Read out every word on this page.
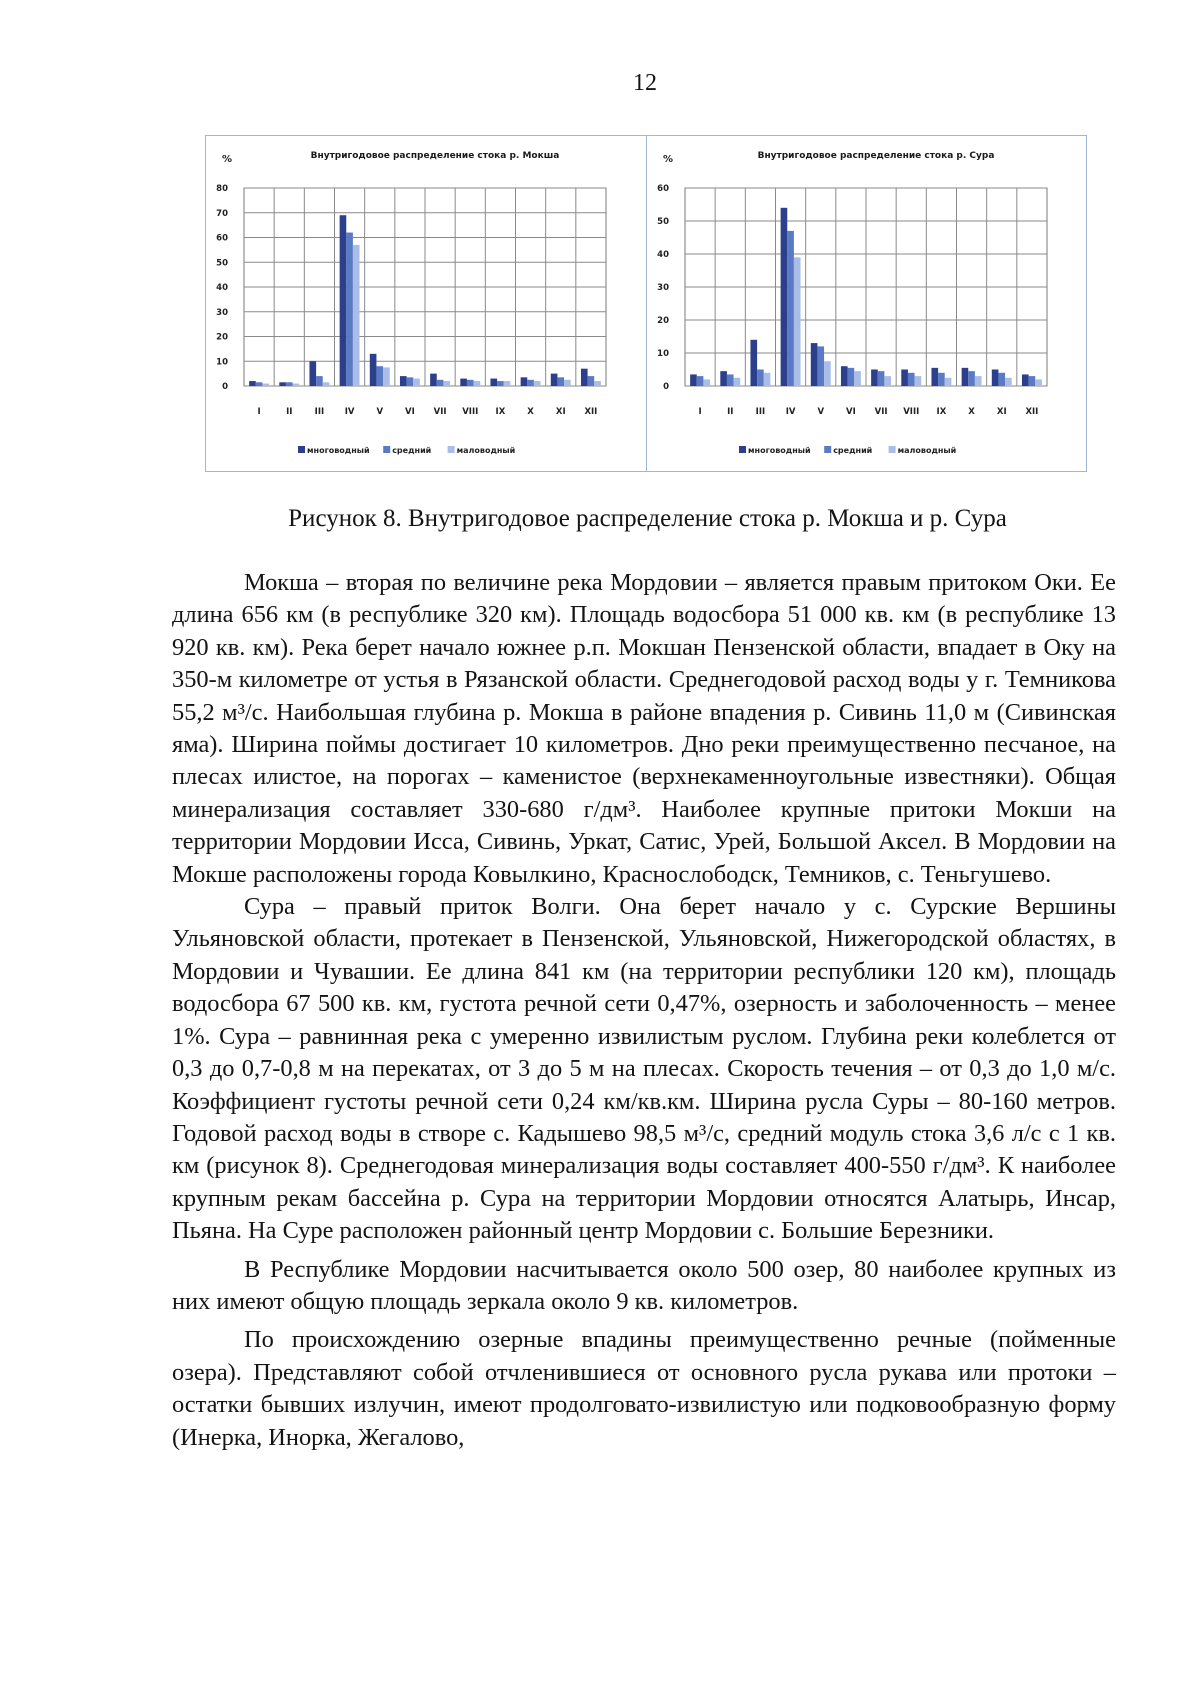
12
Внутригодовое распределение стока р. Мокша
%
0
10
20
30
40
50
60
70
80
I	II	III IV	V	VI VII VIII IX	X	XI XII
многоводный	средний	маловодный
Внутригодовое распределение стока р. Сура
%
0
10
20
30
40
50
60
I	II	III IV	V	VI VII VIII IX	X	XI XII
многоводный	средний	маловодный
Рисунок 8. Внутригодовое распределение стока р. Мокша и р. Сура

Мокша – вторая по величине река Мордовии – является правым притоком Оки. Ее длина 656 км (в республике 320 км). Площадь водосбора 51 000 кв. км (в республике 13 920 кв. км). Река берет начало южнее р.п. Мокшан Пензенской области, впадает в Оку на 350-м километре от устья в Рязанской области. Среднегодовой расход воды у г. Темникова 55,2 м³/с. Наибольшая глубина р. Мокша в районе впадения р. Сивинь 11,0 м (Сивинская яма). Ширина поймы достигает 10 километров. Дно реки преимущественно песчаное, на плесах илистое, на порогах – каменистое (верхнекаменноугольные известняки). Общая минерализация составляет 330-680 г/дм³. Наиболее крупные притоки Мокши на территории Мордовии Исса, Сивинь, Уркат, Сатис, Урей, Большой Аксел. В Мордовии на Мокше расположены города Ковылкино, Краснослободск, Темников, с. Теньгушево.

Сура – правый приток Волги. Она берет начало у с. Сурские Вершины Ульяновской области, протекает в Пензенской, Ульяновской, Нижегородской областях, в Мордовии и Чувашии. Ее длина 841 км (на территории республики 120 км), площадь водосбора 67 500 кв. км, густота речной сети 0,47%, озерность и заболоченность – менее 1%. Сура – равнинная река с умеренно извилистым руслом. Глубина реки колеблется от 0,3 до 0,7-0,8 м на перекатах, от 3 до 5 м на плесах. Скорость течения – от 0,3 до 1,0 м/с. Коэффициент густоты речной сети 0,24 км/кв.км. Ширина русла Суры – 80-160 метров. Годовой расход воды в створе с. Кадышево 98,5 м³/с, средний модуль стока 3,6 л/с с 1 кв. км (рисунок 8). Среднегодовая минерализация воды составляет 400-550 г/дм³. К наиболее крупным рекам бассейна р. Сура на территории Мордовии относятся Алатырь, Инсар, Пьяна. На Суре расположен районный центр Мордовии с. Большие Березники.

В Республике Мордовии насчитывается около 500 озер, 80 наиболее крупных из них имеют общую площадь зеркала около 9 кв. километров.

По происхождению озерные впадины преимущественно речные (пойменные озера). Представляют собой отчленившиеся от основного русла рукава или протоки – остатки бывших излучин, имеют продолговато-извилистую или подковообразную форму (Инерка, Инорка, Жегалово,
